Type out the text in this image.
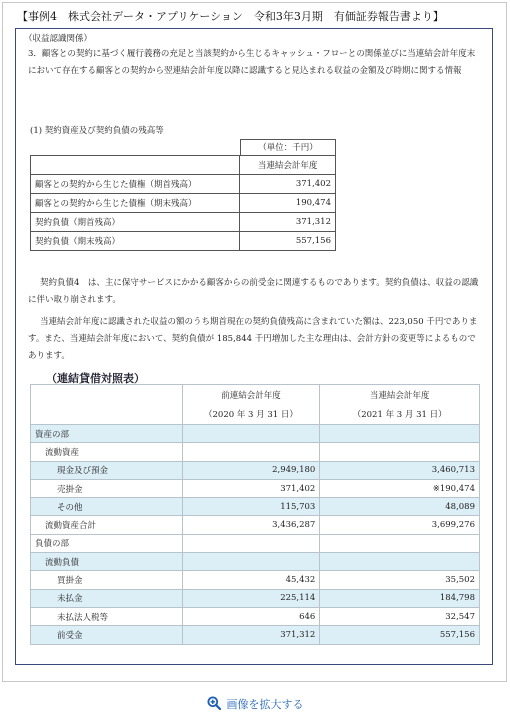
【事例4　株式会社データ・アプリケーション　令和3年3月期　有価証券報告書より】
（収益認識関係）
3．顧客との契約に基づく履行義務の充足と当該契約から生じるキャッシュ・フローとの関係並びに当連結会計年度末において存在する顧客との契約から翌連結会計年度以降に認識すると見込まれる収益の金額及び時期に関する情報
(1) 契約資産及び契約負債の残高等
（単位：千円）
	当連結会計年度
顧客との契約から生じた債権（期首残高）	371,402
顧客との契約から生じた債権（期末残高）	190,474
契約負債（期首残高）	371,312
契約負債（期末残高）	557,156
契約負債4　は、主に保守サービスにかかる顧客からの前受金に関連するものであります。契約負債は、収益の認識に伴い取り崩されます。
当連結会計年度に認識された収益の額のうち期首現在の契約負債残高に含まれていた額は、223,050 千円であります。また、当連結会計年度において、契約負債が 185,844 千円増加した主な理由は、会計方針の変更等によるものであります。
（連結貸借対照表）
	前連結会計年度	当連結会計年度
	（2020 年 3 月 31 日）	（2021 年 3 月 31 日）
資産の部		
流動資産		
現金及び預金	2,949,180	3,460,713
売掛金	371,402	※190,474
その他	115,703	48,089
流動資産合計	3,436,287	3,699,276
負債の部		
流動負債		
買掛金	45,432	35,502
未払金	225,114	184,798
未払法人税等	646	32,547
前受金	371,312	557,156
画像を拡大する
